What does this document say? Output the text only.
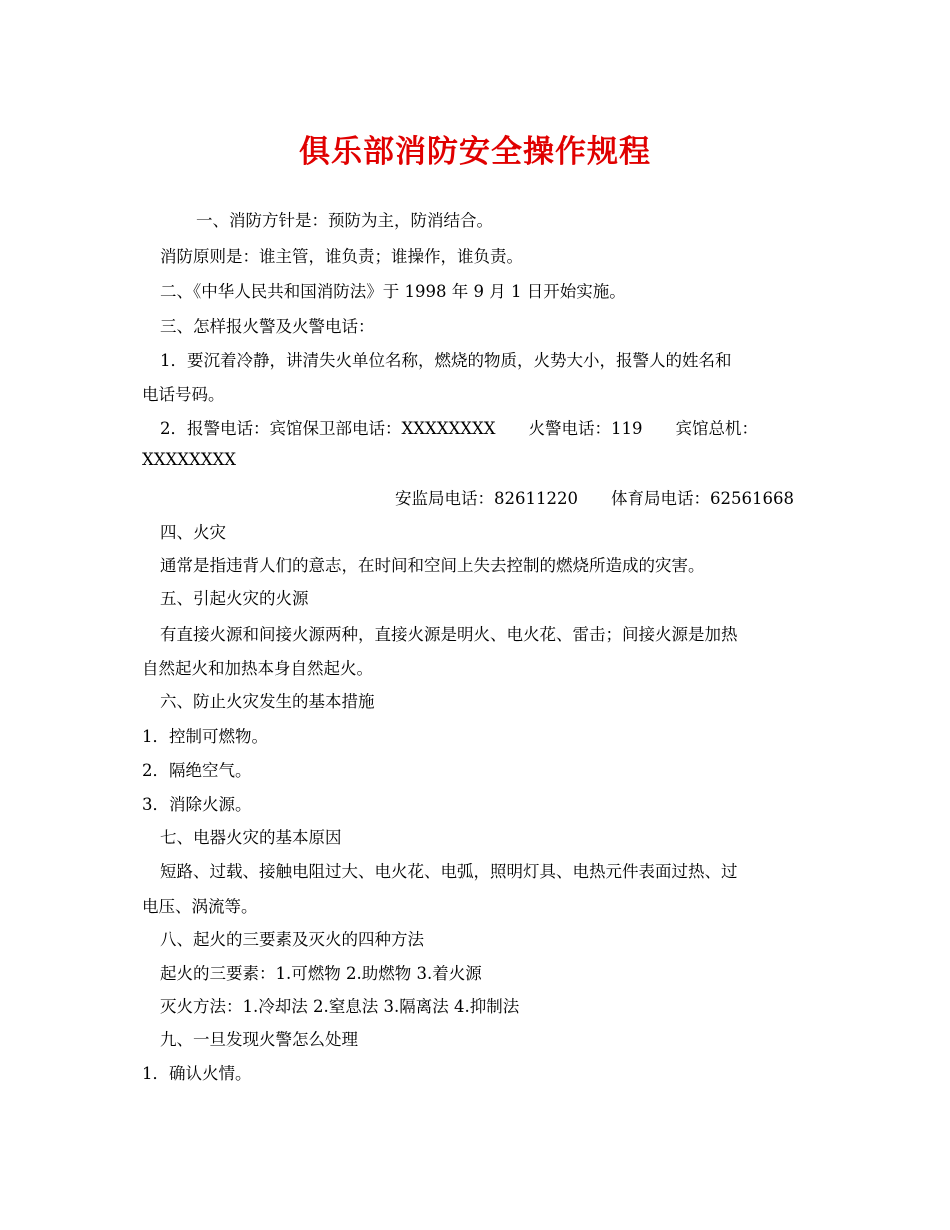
俱乐部消防安全操作规程
一、消防方针是：预防为主，防消结合。
消防原则是：谁主管，谁负责；谁操作，谁负责。
二、《中华人民共和国消防法》于 1998 年 9 月 1 日开始实施。
三、怎样报火警及火警电话：
1．要沉着冷静，讲清失火单位名称，燃烧的物质，火势大小，报警人的姓名和
电话号码。
2．报警电话：宾馆保卫部电话：XXXXXXXX　　火警电话：119　　宾馆总机：
XXXXXXXX
安监局电话：82611220　　体育局电话：62561668
四、火灾
通常是指违背人们的意志，在时间和空间上失去控制的燃烧所造成的灾害。
五、引起火灾的火源
有直接火源和间接火源两种，直接火源是明火、电火花、雷击；间接火源是加热
自然起火和加热本身自然起火。
六、防止火灾发生的基本措施
1．控制可燃物。
2．隔绝空气。
3．消除火源。
七、电器火灾的基本原因
短路、过载、接触电阻过大、电火花、电弧，照明灯具、电热元件表面过热、过
电压、涡流等。
八、起火的三要素及灭火的四种方法
起火的三要素：1.可燃物 2.助燃物 3.着火源
灭火方法：1.冷却法 2.窒息法 3.隔离法 4.抑制法
九、一旦发现火警怎么处理
1．确认火情。
